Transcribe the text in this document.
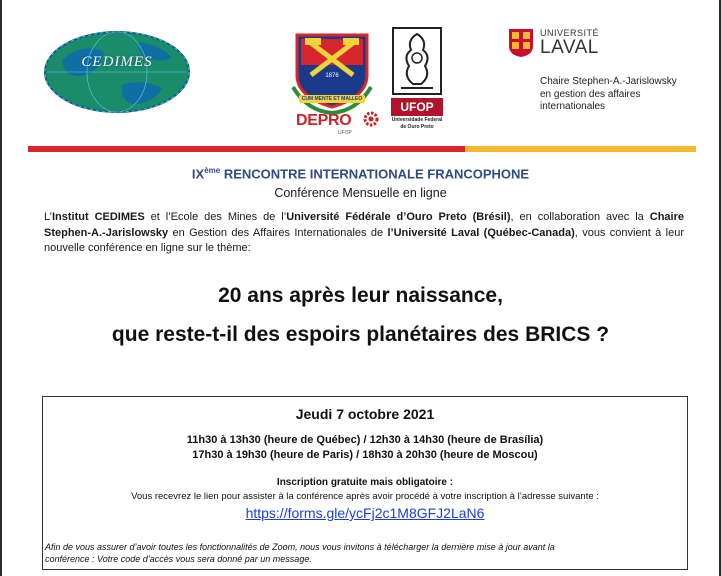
CEDIMES
1876
CUM MENTE ET MALLEO
UFOP
Universidade Federal
de Ouro Preto
DEPRO
UFOP
UNIVERSITÉ
LAVAL
Chaire Stephen-A.-Jarislowsky
en gestion des affaires
internationales
IXème RENCONTRE INTERNATIONALE FRANCOPHONE
Conférence Mensuelle en ligne
L’Institut CEDIMES et l’Ecole des Mines de l’Université Fédérale d’Ouro Preto (Brésil), en collaboration avec la Chaire Stephen-A.-Jarislowsky en Gestion des Affaires Internationales de l’Université Laval (Québec-Canada), vous convient à leur nouvelle conférence en ligne sur le thème:
20 ans après leur naissance,
que reste-t-il des espoirs planétaires des BRICS ?
Jeudi 7 octobre 2021
11h30 à 13h30 (heure de Québec) / 12h30 à 14h30 (heure de Brasília)
17h30 à 19h30 (heure de Paris) / 18h30 à 20h30 (heure de Moscou)
Inscription gratuite mais obligatoire :
Vous recevrez le lien pour assister à la conférence après avoir procédé à votre inscription à l’adresse suivante :
https://forms.gle/ycFj2c1M8GFJ2LaN6
Afin de vous assurer d’avoir toutes les fonctionnalités de Zoom, nous vous invitons à télécharger la dernière mise à jour avant la
conférence : Votre code d’accès vous sera donné par un message.
